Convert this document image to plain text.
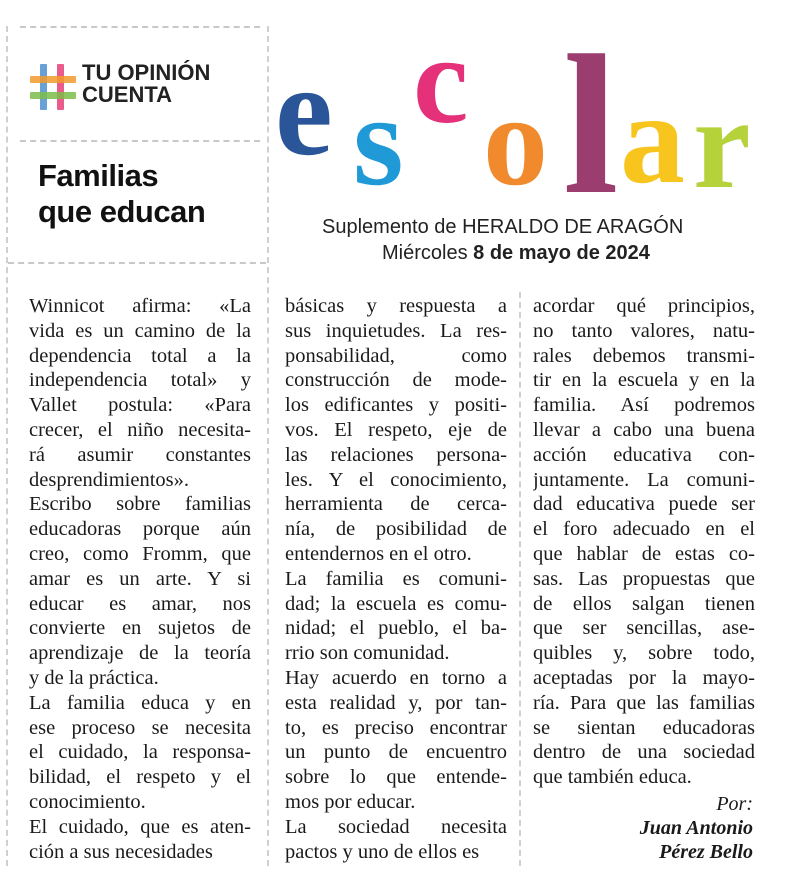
TU OPINIÓN
CUENTA
Familias
que educan
e s c o l a r
Suplemento de HERALDO DE ARAGÓN
Miércoles 8 de mayo de 2024
Winnicot afirma: «La
vida es un camino de la
dependencia total a la
independencia total» y
Vallet postula: «Para
crecer, el niño necesita-
rá asumir constantes
desprendimientos».
Escribo sobre familias
educadoras porque aún
creo, como Fromm, que
amar es un arte. Y si
educar es amar, nos
convierte en sujetos de
aprendizaje de la teoría
y de la práctica.
La familia educa y en
ese proceso se necesita
el cuidado, la responsa-
bilidad, el respeto y el
conocimiento.
El cuidado, que es aten-
ción a sus necesidades
básicas y respuesta a
sus inquietudes. La res-
ponsabilidad, como
construcción de mode-
los edificantes y positi-
vos. El respeto, eje de
las relaciones persona-
les. Y el conocimiento,
herramienta de cerca-
nía, de posibilidad de
entendernos en el otro.
La familia es comuni-
dad; la escuela es comu-
nidad; el pueblo, el ba-
rrio son comunidad.
Hay acuerdo en torno a
esta realidad y, por tan-
to, es preciso encontrar
un punto de encuentro
sobre lo que entende-
mos por educar.
La sociedad necesita
pactos y uno de ellos es
acordar qué principios,
no tanto valores, natu-
rales debemos transmi-
tir en la escuela y en la
familia. Así podremos
llevar a cabo una buena
acción educativa con-
juntamente. La comuni-
dad educativa puede ser
el foro adecuado en el
que hablar de estas co-
sas. Las propuestas que
de ellos salgan tienen
que ser sencillas, ase-
quibles y, sobre todo,
aceptadas por la mayo-
ría. Para que las familias
se sientan educadoras
dentro de una sociedad
que también educa.
Por:
Juan Antonio
Pérez Bello
